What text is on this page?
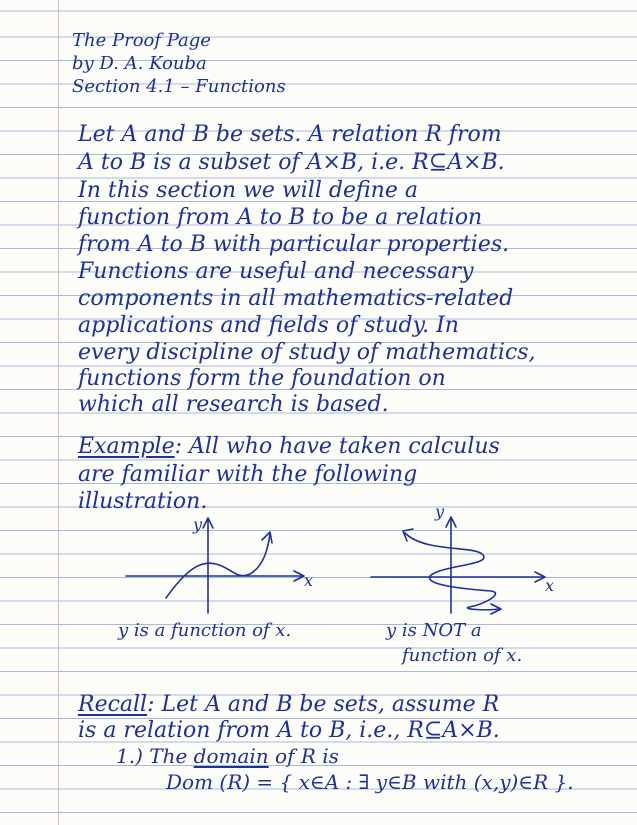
The Proof Page
by D. A. Kouba
Section 4.1 – Functions
Let A and B be sets. A relation R from
A to B is a subset of A×B, i.e. R⊆A×B.
In this section we will define a
function from A to B to be a relation
from A to B with particular properties.
Functions are useful and necessary
components in all mathematics-related
applications and fields of study. In
every discipline of study of mathematics,
functions form the foundation on
which all research is based.
Example: All who have taken calculus
are familiar with the following
illustration.
y
x
y
x
y is a function of x.	y is NOT a
function of x.
Recall: Let A and B be sets, assume R
is a relation from A to B, i.e., R⊆A×B.
1.) The domain of R is
Dom (R) = { x∈A : ∃ y∈B with (x,y)∈R }.
